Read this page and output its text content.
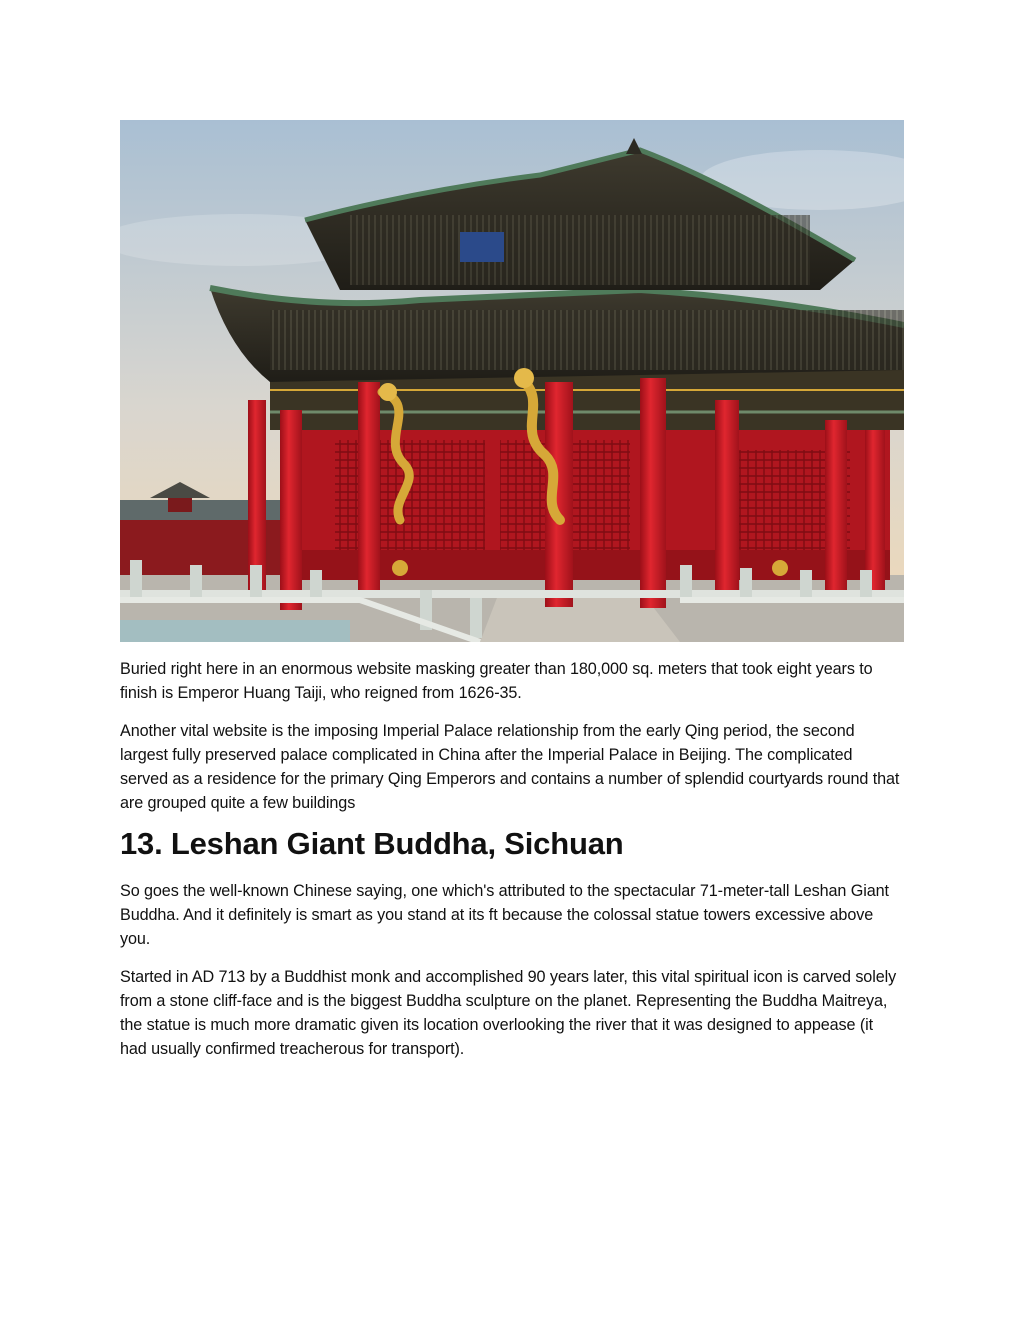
Buried right here in an enormous website masking greater than 180,000 sq. meters that took eight years to finish is Emperor Huang Taiji, who reigned from 1626-35.

Another vital website is the imposing Imperial Palace relationship from the early Qing period, the second largest fully preserved palace complicated in China after the Imperial Palace in Beijing. The complicated served as a residence for the primary Qing Emperors and contains a number of splendid courtyards round that are grouped quite a few buildings

13. Leshan Giant Buddha, Sichuan

So goes the well-known Chinese saying, one which's attributed to the spectacular 71-meter-tall Leshan Giant Buddha. And it definitely is smart as you stand at its ft because the colossal statue towers excessive above you.

Started in AD 713 by a Buddhist monk and accomplished 90 years later, this vital spiritual icon is carved solely from a stone cliff-face and is the biggest Buddha sculpture on the planet. Representing the Buddha Maitreya, the statue is much more dramatic given its location overlooking the river that it was designed to appease (it had usually confirmed treacherous for transport).
